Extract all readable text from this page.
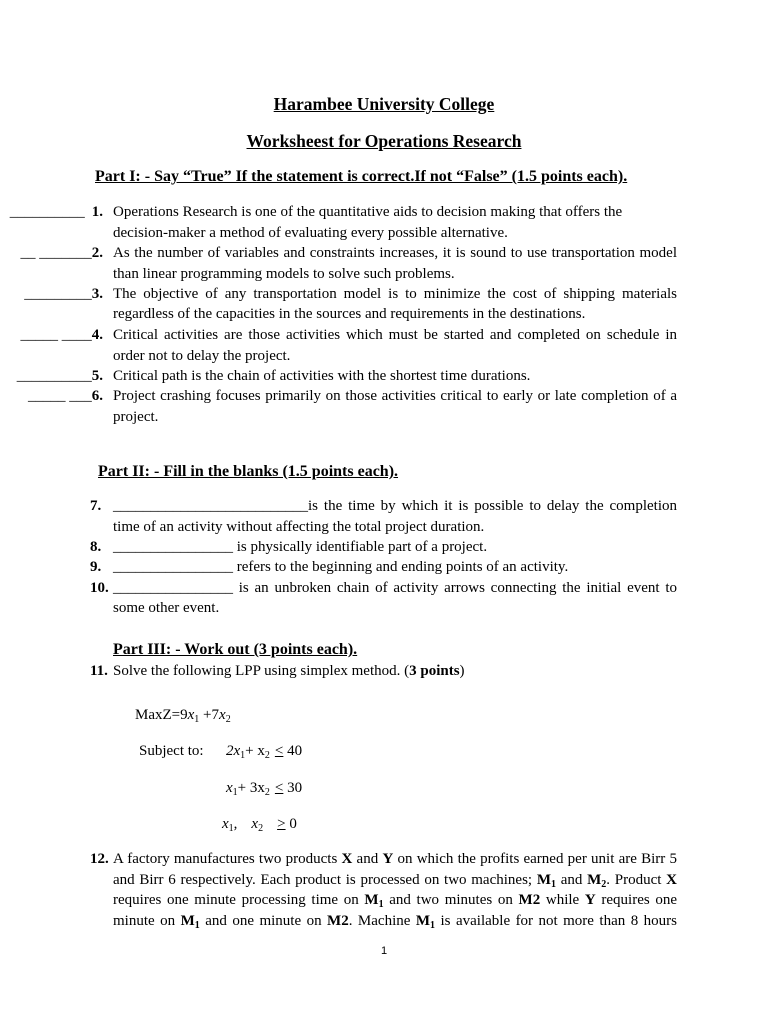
Harambee University College
Worksheest for Operations Research
Part I: - Say “True” If the statement is correct.If not “False” (1.5 points each).
__________ 1. Operations Research is one of the quantitative aids to decision making that offers the
decision-maker a method of evaluating every possible alternative.
__ _______2. As the number of variables and constraints increases, it is sound to use transportation model
than linear programming models to solve such problems.
_________3. The objective of any transportation model is to minimize the cost of shipping materials
regardless of the capacities in the sources and requirements in the destinations.
_____ ____4. Critical activities are those activities which must be started and completed on schedule in
order not to delay the project.
__________5. Critical path is the chain of activities with the shortest time durations.
_____ ___6. Project crashing focuses primarily on those activities critical to early or late completion of a
project.
Part II: - Fill in the blanks (1.5 points each).
7. __________________________is the time by which it is possible to delay the completion
time of an activity without affecting the total project duration.
8. ________________ is physically identifiable part of a project.
9. ________________ refers to the beginning and ending points of an activity.
10. ________________ is an unbroken chain of activity arrows connecting the initial event to
some other event.
Part III: - Work out (3 points each).
11. Solve the following LPP using simplex method. (3 points)
$MaxZ=9x_1 +7x_2$
Subject to: $2x_1+ x_2 \le 40$
$x_1+ 3x_2 \le 30$
$x_1$, $x_2 \ge 0$
12. A factory manufactures two products X and Y on which the profits earned per unit are Birr 5
and Birr 6 respectively. Each product is processed on two machines; $M_1$ and $M_2$. Product X
requires one minute processing time on $M_1$ and two minutes on M2 while Y requires one
minute on $M_1$ and one minute on M2. Machine $M_1$ is available for not more than 8 hours
1
